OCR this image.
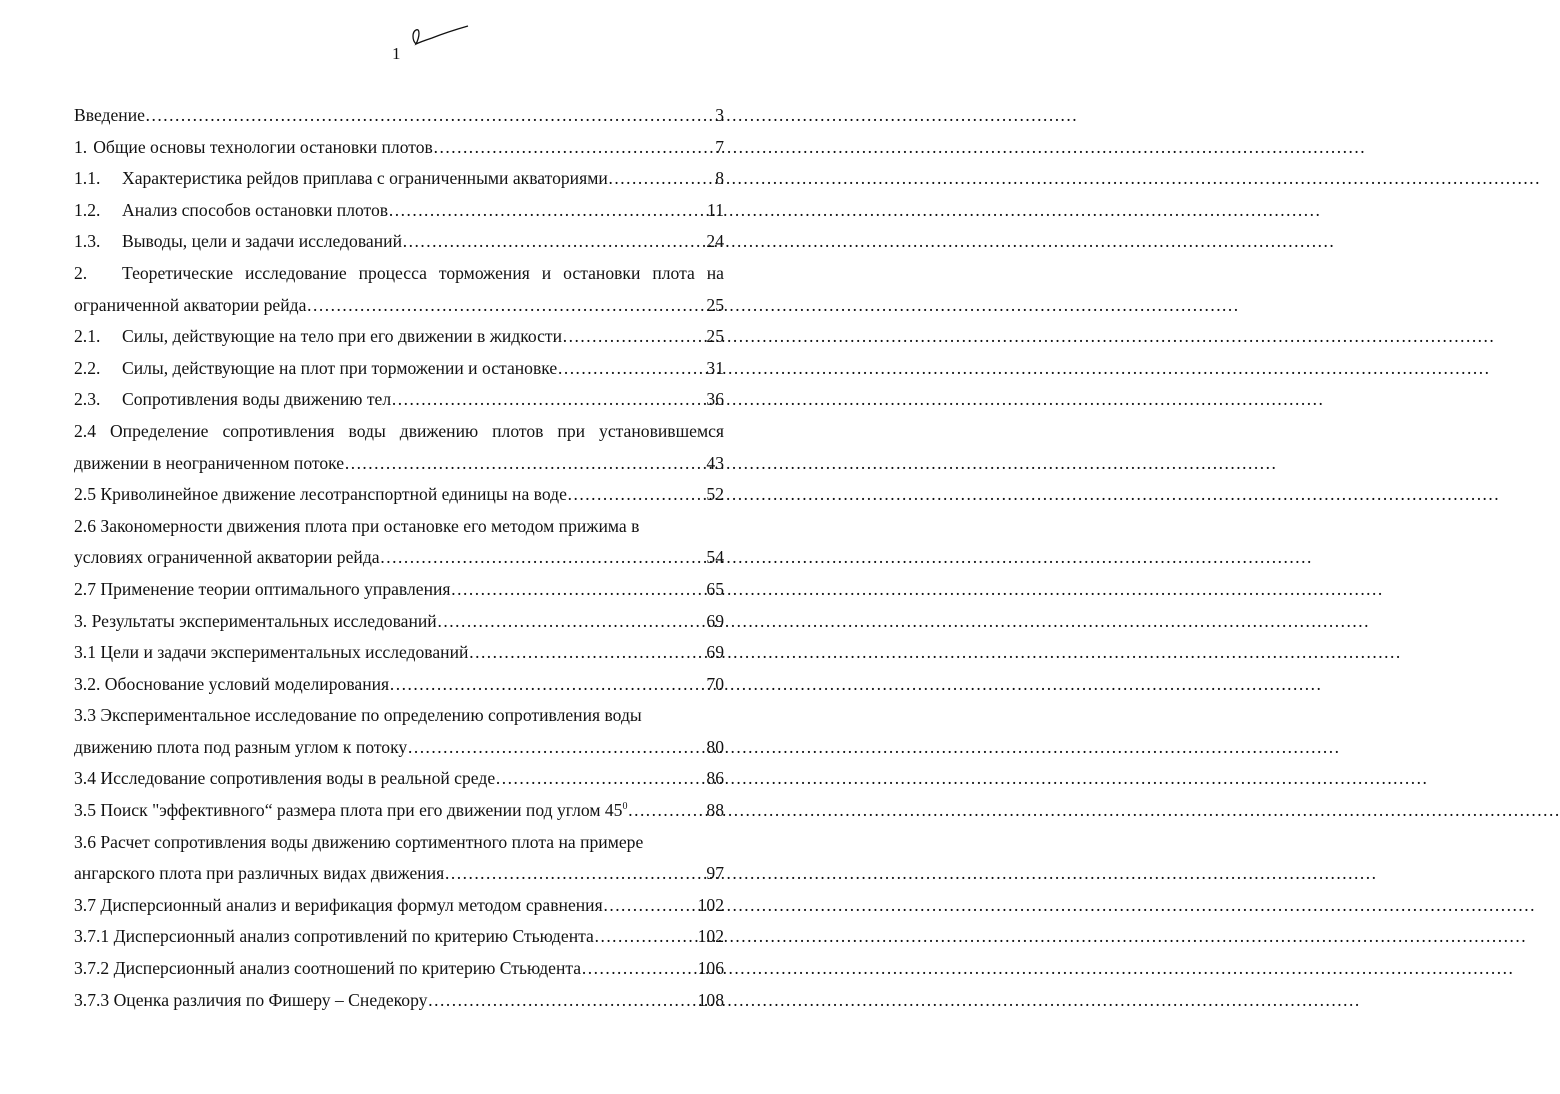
1
Введение ……………………………………………………………………………………………………………………………………………	3
1. Общие основы технологии остановки плотов ……………………………………………………………………………………………………………………………………………	7
1.1.	Характеристика рейдов приплава с ограниченными акваториями ……………………………………………………………………………………………………………………………………………	8
1.2.	Анализ способов остановки плотов ……………………………………………………………………………………………………………………………………………	11
1.3.	Выводы, цели и задачи исследований ……………………………………………………………………………………………………………………………………………	24
2.	Теоретические исследование процесса торможения и остановки плота на
ограниченной акватории рейда ……………………………………………………………………………………………………………………………………………	25
2.1.	Силы, действующие на тело при его движении в жидкости ……………………………………………………………………………………………………………………………………………	25
2.2.	Силы, действующие на плот при торможении и остановке ……………………………………………………………………………………………………………………………………………	31
2.3.	Сопротивления воды движению тел ……………………………………………………………………………………………………………………………………………	36
2.4 Определение сопротивления воды движению плотов при установившемся
движении в неограниченном потоке ……………………………………………………………………………………………………………………………………………	43
2.5 Криволинейное движение лесотранспортной единицы на воде ……………………………………………………………………………………………………………………………………………	52
2.6 Закономерности движения плота при остановке его методом прижима в
условиях ограниченной акватории рейда ……………………………………………………………………………………………………………………………………………	54
2.7 Применение теории оптимального управления ……………………………………………………………………………………………………………………………………………	65
3. Результаты экспериментальных исследований ……………………………………………………………………………………………………………………………………………	69
3.1 Цели и задачи экспериментальных исследований ……………………………………………………………………………………………………………………………………………	69
3.2. Обоснование условий моделирования ……………………………………………………………………………………………………………………………………………	70
3.3 Экспериментальное исследование по определению сопротивления воды
движению плота под разным углом к потоку ……………………………………………………………………………………………………………………………………………	80
3.4 Исследование сопротивления воды в реальной среде ……………………………………………………………………………………………………………………………………………	86
3.5 Поиск "эффективного“ размера плота при его движении под углом $45^0$ ……………………………………………………………………………………………………………………………………………	88
3.6 Расчет сопротивления воды движению сортиментного плота на примере
ангарского плота при различных видах движения ……………………………………………………………………………………………………………………………………………	97
3.7 Дисперсионный анализ и верификация формул методом сравнения ……………………………………………………………………………………………………………………………………………	102
3.7.1 Дисперсионный анализ сопротивлений по критерию Стьюдента ……………………………………………………………………………………………………………………………………………	102
3.7.2 Дисперсионный анализ соотношений по критерию Стьюдента ……………………………………………………………………………………………………………………………………………	106
3.7.3 Оценка различия по Фишеру – Снедекору ……………………………………………………………………………………………………………………………………………	108
